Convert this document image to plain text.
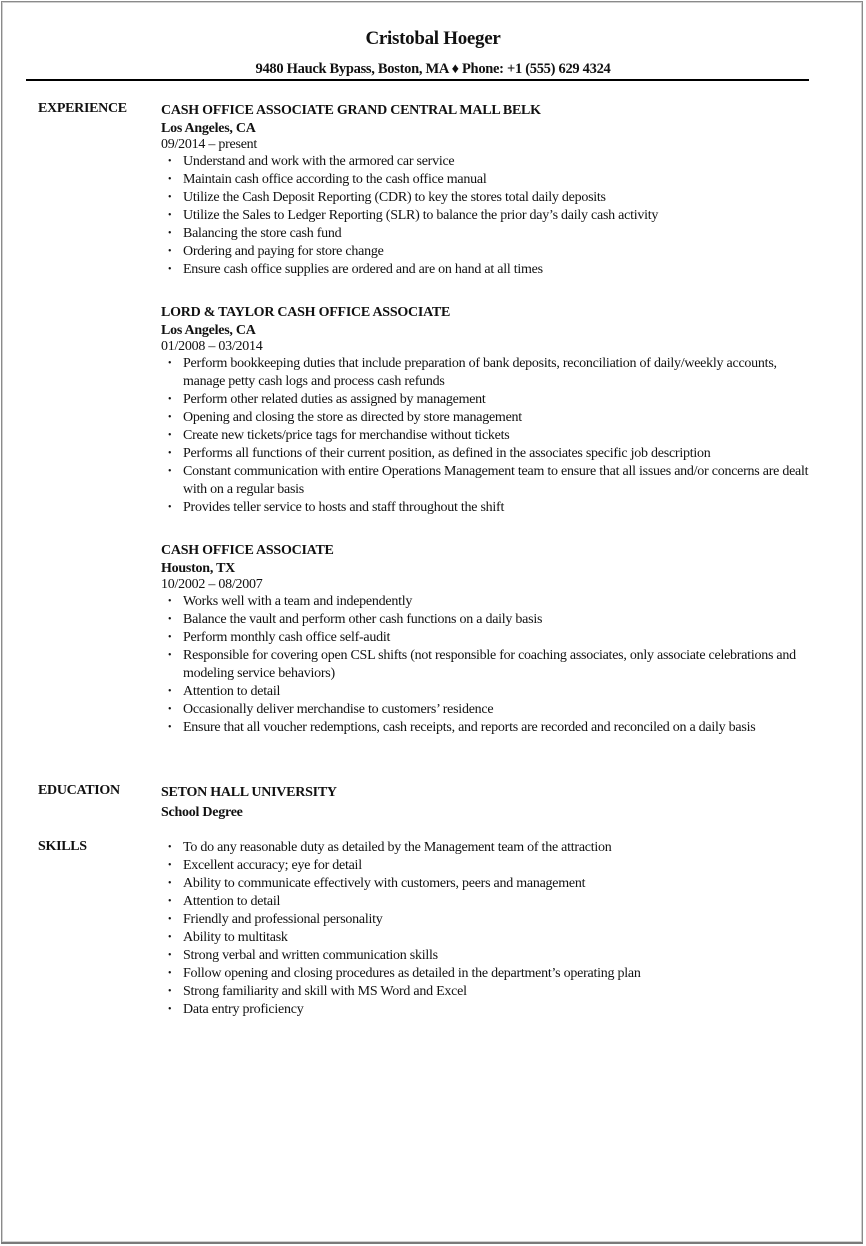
Cristobal Hoeger
9480 Hauck Bypass, Boston, MA ♦ Phone: +1 (555) 629 4324
EXPERIENCE CASH OFFICE ASSOCIATE GRAND CENTRAL MALL BELK
Los Angeles, CA
09/2014 – present
• Understand and work with the armored car service
• Maintain cash office according to the cash office manual
• Utilize the Cash Deposit Reporting (CDR) to key the stores total daily deposits
• Utilize the Sales to Ledger Reporting (SLR) to balance the prior day’s daily cash activity
• Balancing the store cash fund
• Ordering and paying for store change
• Ensure cash office supplies are ordered and are on hand at all times
LORD & TAYLOR CASH OFFICE ASSOCIATE
Los Angeles, CA
01/2008 – 03/2014
• Perform bookkeeping duties that include preparation of bank deposits, reconciliation of daily/weekly accounts, manage petty cash logs and process cash refunds
• Perform other related duties as assigned by management
• Opening and closing the store as directed by store management
• Create new tickets/price tags for merchandise without tickets
• Performs all functions of their current position, as defined in the associates specific job description
• Constant communication with entire Operations Management team to ensure that all issues and/or concerns are dealt with on a regular basis
• Provides teller service to hosts and staff throughout the shift
CASH OFFICE ASSOCIATE
Houston, TX
10/2002 – 08/2007
• Works well with a team and independently
• Balance the vault and perform other cash functions on a daily basis
• Perform monthly cash office self-audit
• Responsible for covering open CSL shifts (not responsible for coaching associates, only associate celebrations and modeling service behaviors)
• Attention to detail
• Occasionally deliver merchandise to customers’ residence
• Ensure that all voucher redemptions, cash receipts, and reports are recorded and reconciled on a daily basis
EDUCATION	SETON HALL UNIVERSITY
School Degree
SKILLS	• To do any reasonable duty as detailed by the Management team of the attraction
• Excellent accuracy; eye for detail
• Ability to communicate effectively with customers, peers and management
• Attention to detail
• Friendly and professional personality
• Ability to multitask
• Strong verbal and written communication skills
• Follow opening and closing procedures as detailed in the department’s operating plan
• Strong familiarity and skill with MS Word and Excel
• Data entry proficiency
